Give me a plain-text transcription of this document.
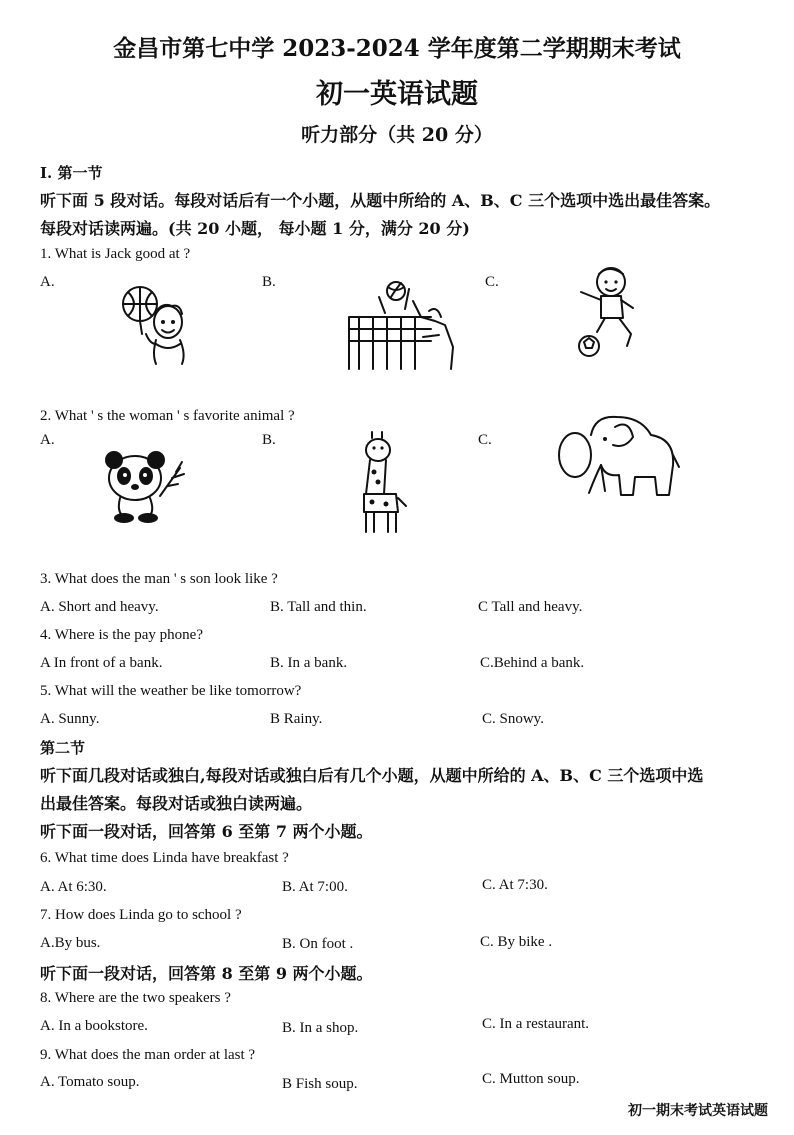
金昌市第七中学 2023-2024 学年度第二学期期末考试
初一英语试题
听力部分（共 20 分）
I. 第一节
听下面 5 段对话。每段对话后有一个小题，从题中所给的 A、B、C 三个选项中选出最佳答案。
每段对话读两遍。(共 20 小题， 每小题 1 分，满分 20 分)
1. What is Jack good at ?
A.	B.	C.
2. What ' s the woman ' s favorite animal ?
A.	B.	C.
3. What does the man ' s son look like ?
A. Short and heavy.	B. Tall and thin.	C Tall and heavy.
4. Where is the pay phone?
A In front of a bank.	B. In a bank.	C.Behind a bank.
5. What will the weather be like tomorrow?
A. Sunny.	B Rainy.	C. Snowy.
第二节
听下面几段对话或独白,每段对话或独白后有几个小题，从题中所给的 A、B、C 三个选项中选
出最佳答案。每段对话或独白读两遍。
听下面一段对话，回答第 6 至第 7 两个小题。
6. What time does Linda have breakfast ?
A. At 6:30.	B. At 7:00.	C. At 7:30.
7. How does Linda go to school ?
A.By bus.	B. On foot .	C. By bike .
听下面一段对话，回答第 8 至第 9 两个小题。
8. Where are the two speakers ?
A. In a bookstore.	B. In a shop.	C. In a restaurant.
9. What does the man order at last ?
A. Tomato soup.	B Fish soup.	C. Mutton soup.
初一期末考试英语试题
